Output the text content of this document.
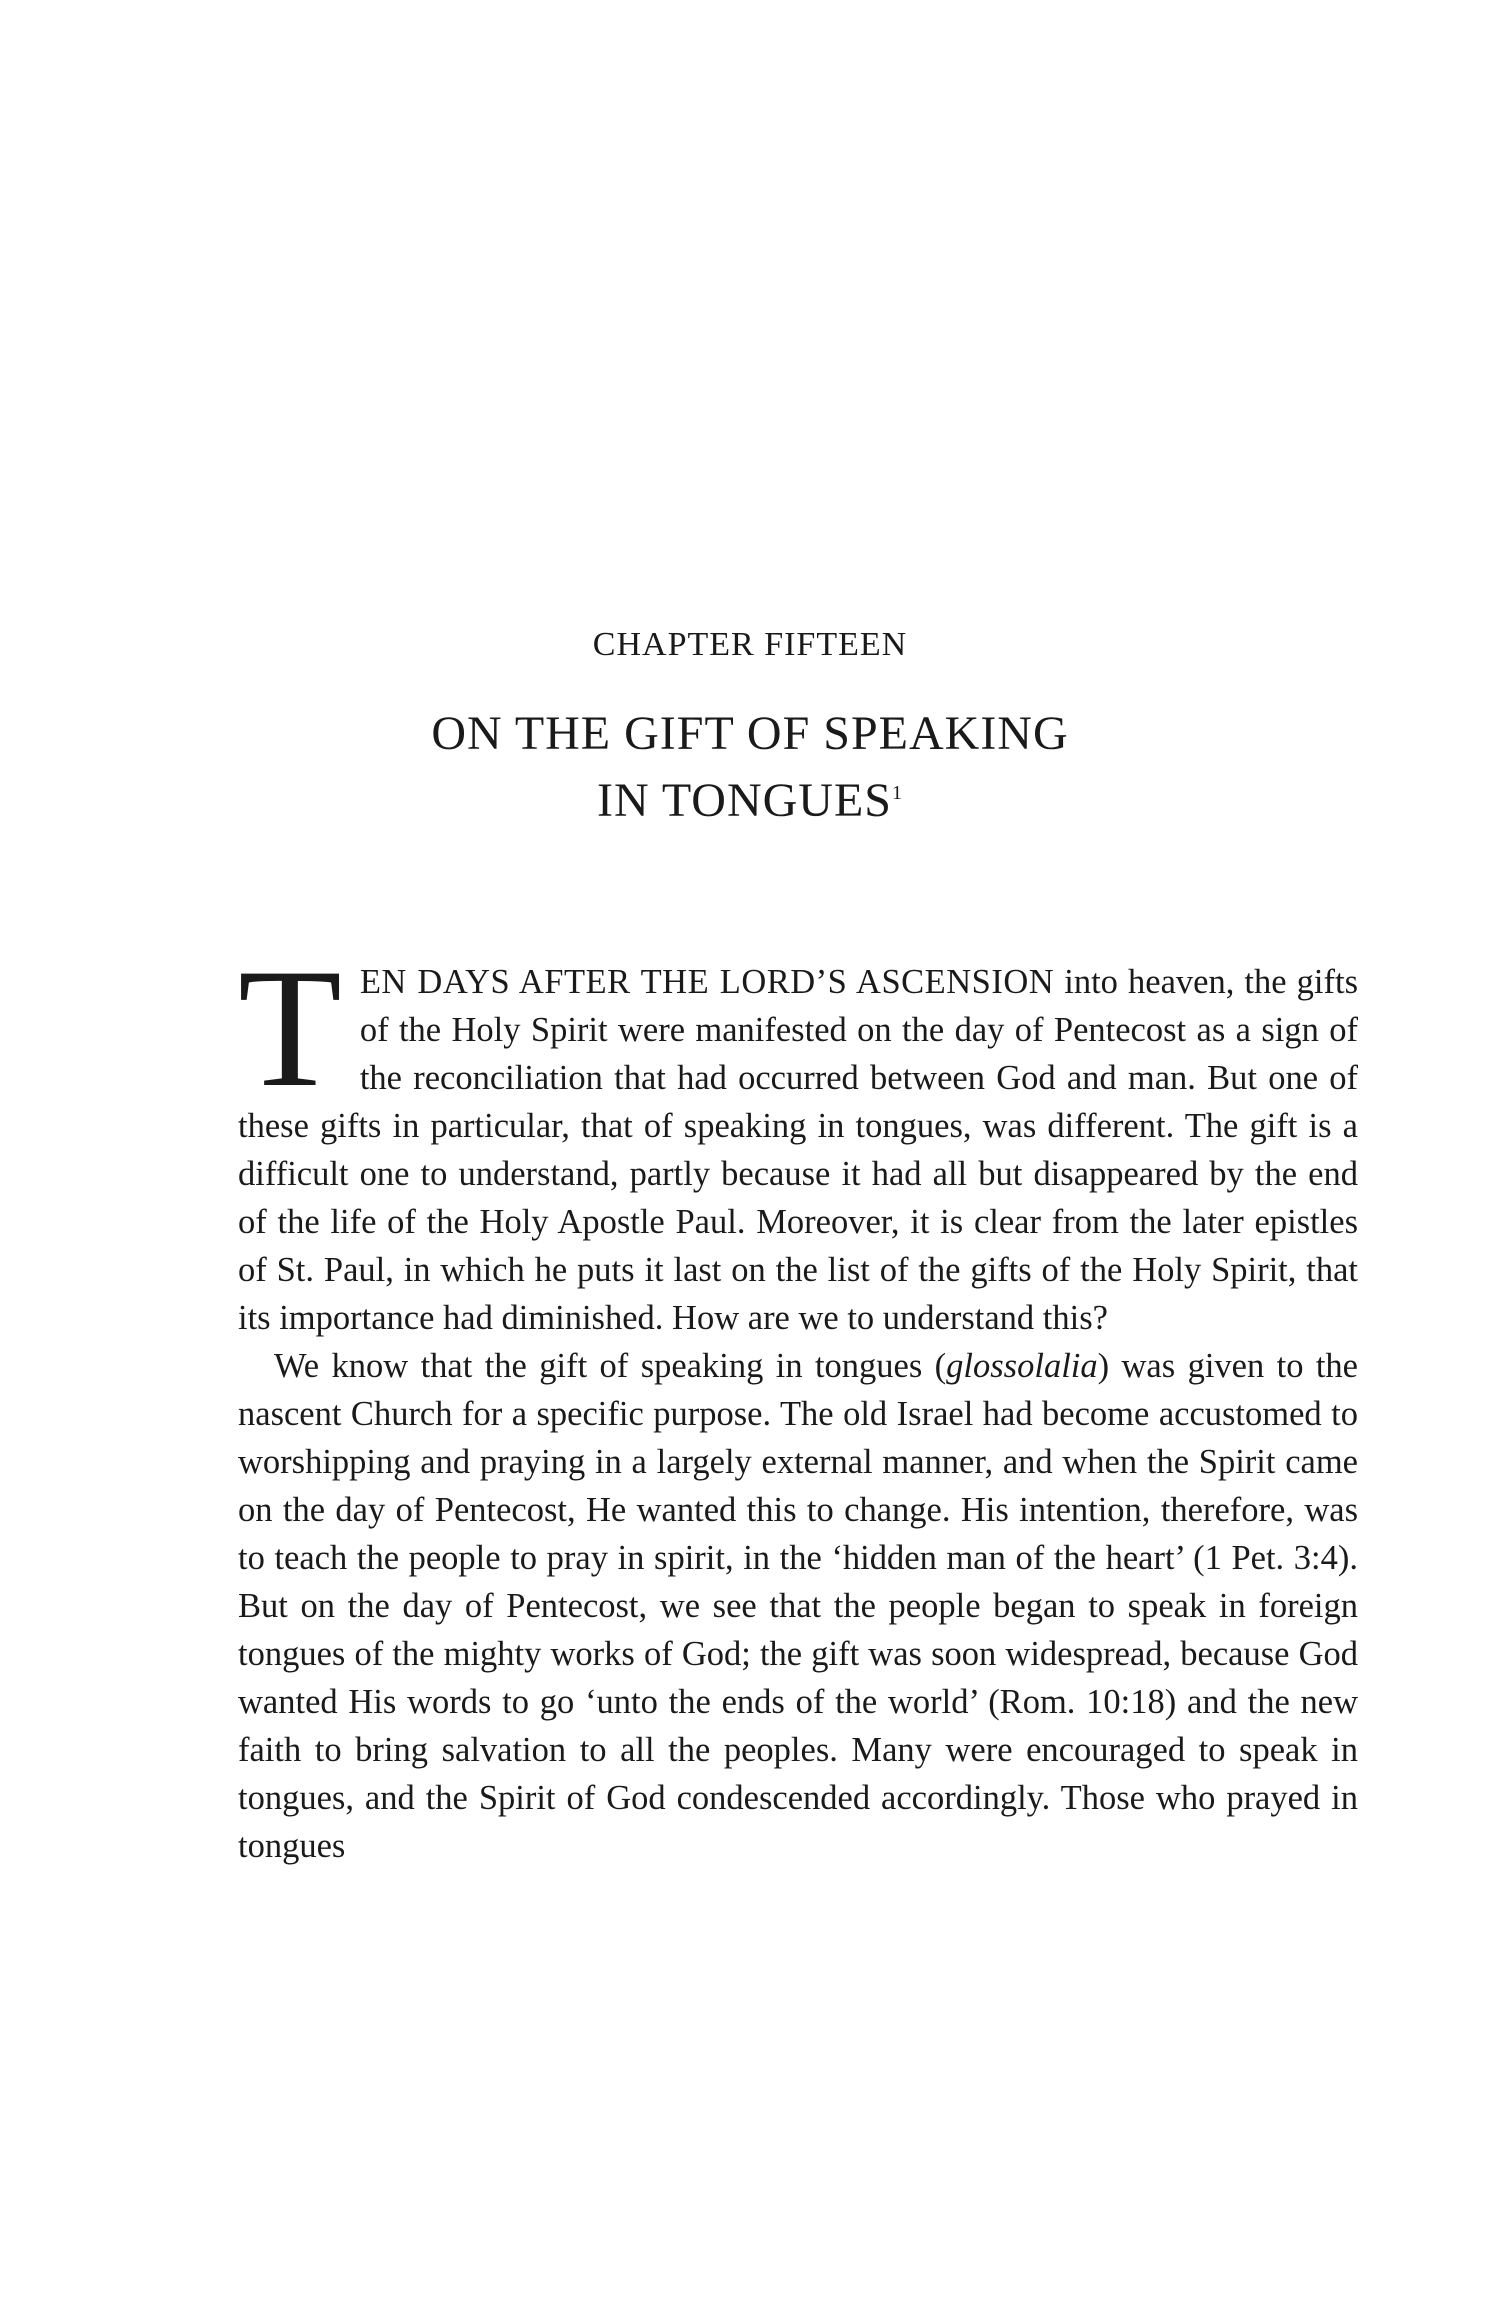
CHAPTER FIFTEEN
ON THE GIFT OF SPEAKING
IN TONGUES$^1$

TEN DAYS AFTER THE LORD’S ASCENSION into heaven, the gifts of the Holy Spirit were manifested on the day of Pentecost as a sign of the reconciliation that had occurred between God and man. But one of these gifts in particular, that of speaking in tongues, was different. The gift is a difficult one to understand, partly because it had all but disappeared by the end of the life of the Holy Apostle Paul. Moreover, it is clear from the later epistles of St. Paul, in which he puts it last on the list of the gifts of the Holy Spirit, that its importance had diminished. How are we to understand this?

We know that the gift of speaking in tongues (glossolalia) was given to the nascent Church for a specific purpose. The old Israel had become accustomed to worshipping and praying in a largely external manner, and when the Spirit came on the day of Pentecost, He wanted this to change. His intention, therefore, was to teach the people to pray in spirit, in the ‘hidden man of the heart’ (1 Pet. 3:4). But on the day of Pentecost, we see that the people began to speak in foreign tongues of the mighty works of God; the gift was soon widespread, because God wanted His words to go ‘unto the ends of the world’ (Rom. 10:18) and the new faith to bring salvation to all the peoples. Many were encouraged to speak in tongues, and the Spirit of God condescended accordingly. Those who prayed in tongues
